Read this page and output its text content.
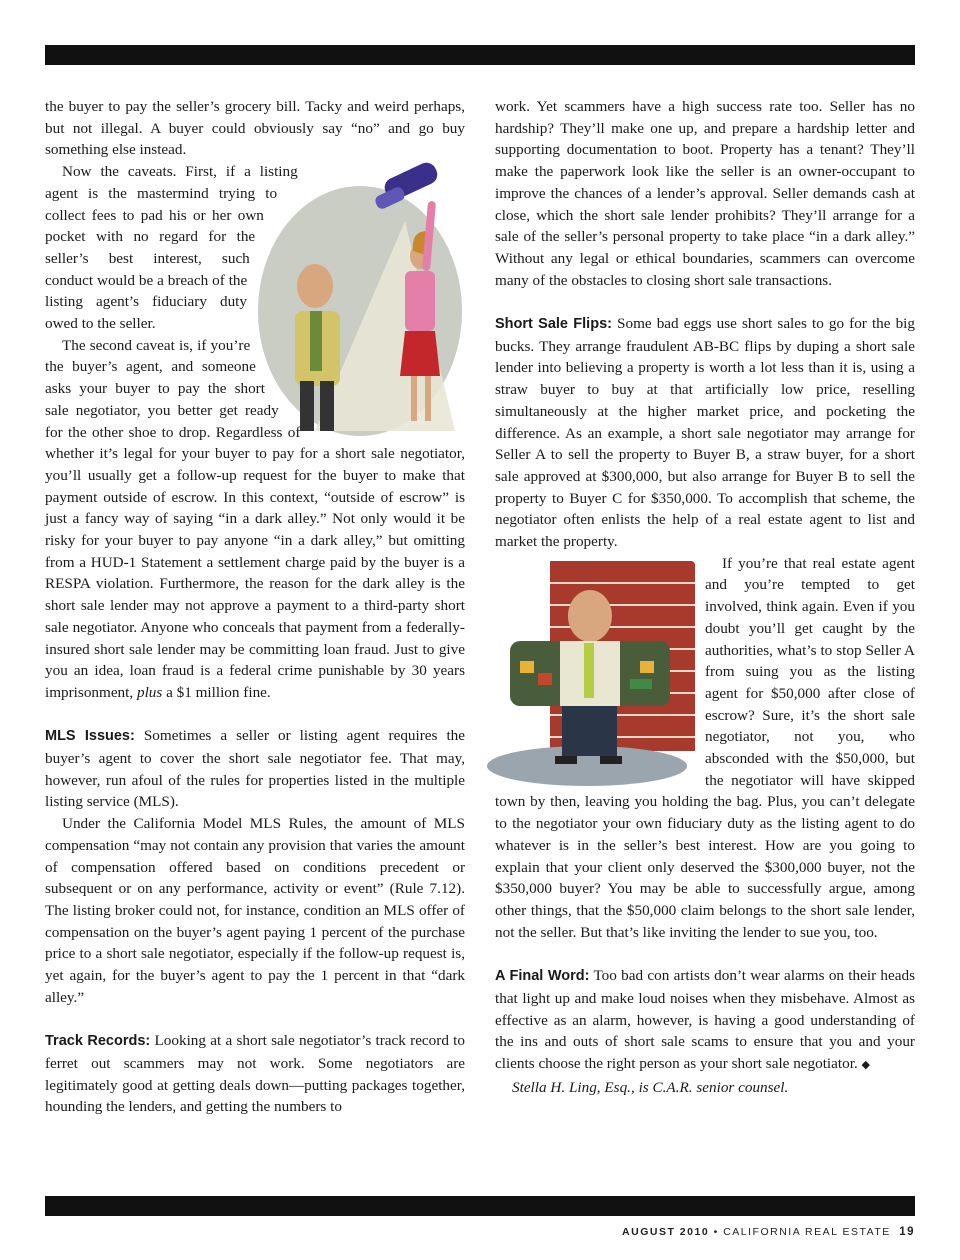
the buyer to pay the seller’s grocery bill. Tacky and weird perhaps, but not illegal. A buyer could obviously say “no” and go buy something else instead.

Now the caveats. First, if a listing agent is the mastermind trying to collect fees to pad his or her own pocket with no regard for the seller’s best interest, such conduct would be a breach of the listing agent’s fiduciary duty owed to the seller.

The second caveat is, if you’re the buyer’s agent, and someone asks your buyer to pay the short sale negotiator, you better get ready for the other shoe to drop. Regardless of whether it’s legal for your buyer to pay for a short sale negotiator, you’ll usually get a follow-up request for the buyer to make that payment outside of escrow. In this context, “outside of escrow” is just a fancy way of saying “in a dark alley.” Not only would it be risky for your buyer to pay anyone “in a dark alley,” but omitting from a HUD-1 Statement a settlement charge paid by the buyer is a RESPA violation. Furthermore, the reason for the dark alley is the short sale lender may not approve a payment to a third-party short sale negotiator. Anyone who conceals that payment from a federally-insured short sale lender may be committing loan fraud. Just to give you an idea, loan fraud is a federal crime punishable by 30 years imprisonment, plus a $1 million fine.

MLS Issues: Sometimes a seller or listing agent requires the buyer’s agent to cover the short sale negotiator fee. That may, however, run afoul of the rules for properties listed in the multiple listing service (MLS).

Under the California Model MLS Rules, the amount of MLS compensation “may not contain any provision that varies the amount of compensation offered based on conditions precedent or subsequent or on any performance, activity or event” (Rule 7.12). The listing broker could not, for instance, condition an MLS offer of compensation on the buyer’s agent paying 1 percent of the purchase price to a short sale negotiator, especially if the follow-up request is, yet again, for the buyer’s agent to pay the 1 percent in that “dark alley.”

Track Records: Looking at a short sale negotiator’s track record to ferret out scammers may not work. Some negotiators are legitimately good at getting deals down—putting packages together, hounding the lenders, and getting the numbers to

work. Yet scammers have a high success rate too. Seller has no hardship? They’ll make one up, and prepare a hardship letter and supporting documentation to boot. Property has a tenant? They’ll make the paperwork look like the seller is an owner-occupant to improve the chances of a lender’s approval. Seller demands cash at close, which the short sale lender prohibits? They’ll arrange for a sale of the seller’s personal property to take place “in a dark alley.” Without any legal or ethical boundaries, scammers can overcome many of the obstacles to closing short sale transactions.

Short Sale Flips: Some bad eggs use short sales to go for the big bucks. They arrange fraudulent AB-BC flips by duping a short sale lender into believing a property is worth a lot less than it is, using a straw buyer to buy at that artificially low price, reselling simultaneously at the higher market price, and pocketing the difference. As an example, a short sale negotiator may arrange for Seller A to sell the property to Buyer B, a straw buyer, for a short sale approved at $300,000, but also arrange for Buyer B to sell the property to Buyer C for $350,000. To accomplish that scheme, the negotiator often enlists the help of a real estate agent to list and market the property.

If you’re that real estate agent and you’re tempted to get involved, think again. Even if you doubt you’ll get caught by the authorities, what’s to stop Seller A from suing you as the listing agent for $50,000 after close of escrow? Sure, it’s the short sale negotiator, not you, who absconded with the $50,000, but the negotiator will have skipped town by then, leaving you holding the bag. Plus, you can’t delegate to the negotiator your own fiduciary duty as the listing agent to do whatever is in the seller’s best interest. How are you going to explain that your client only deserved the $300,000 buyer, not the $350,000 buyer? You may be able to successfully argue, among other things, that the $50,000 claim belongs to the short sale lender, not the seller. But that’s like inviting the lender to sue you, too.

A Final Word: Too bad con artists don’t wear alarms on their heads that light up and make loud noises when they misbehave. Almost as effective as an alarm, however, is having a good understanding of the ins and outs of short sale scams to ensure that you and your clients choose the right person as your short sale negotiator. ◆

Stella H. Ling, Esq., is C.A.R. senior counsel.

AUGUST 2010 • CALIFORNIA REAL ESTATE 19
